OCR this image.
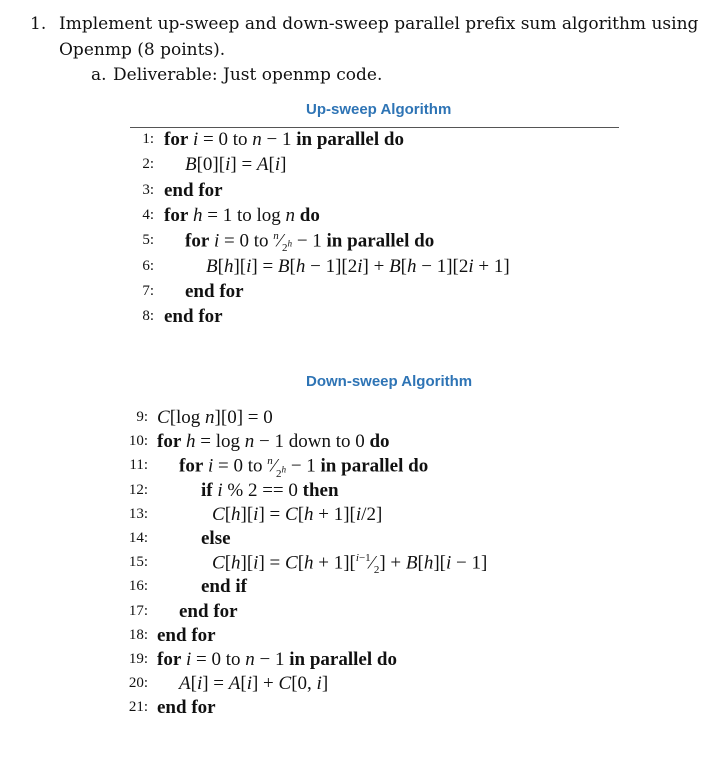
1. Implement up-sweep and down-sweep parallel prefix sum algorithm using
Openmp (8 points).
a. Deliverable: Just openmp code.
Up-sweep Algorithm
1: for i = 0 to n − 1 in parallel do
2: B[0][i] = A[i]
3: end for
4: for h = 1 to log n do
5: for i = 0 to $^n⁄_{2^h} - 1$ in parallel do
6:	B[h][i] = B[h − 1][2i] + B[h − 1][2i + 1]
7: end for
8: end for
Down-sweep Algorithm
9: C[log n][0] = 0
10: for h = log n − 1 down to 0 do
11: for i = 0 to $^n⁄_{2^h} - 1$ in parallel do
12:	if i % 2 == 0 then
13:	C[h][i] = C[h + 1][i/2]
14:	else
15:	$C[h][i] = C[h + 1][^{i-1}⁄_2] + B[h][i - 1]$
16:	end if
17: end for
18: end for
19: for i = 0 to n − 1 in parallel do
20: A[i] = A[i] + C[0, i]
21: end for
